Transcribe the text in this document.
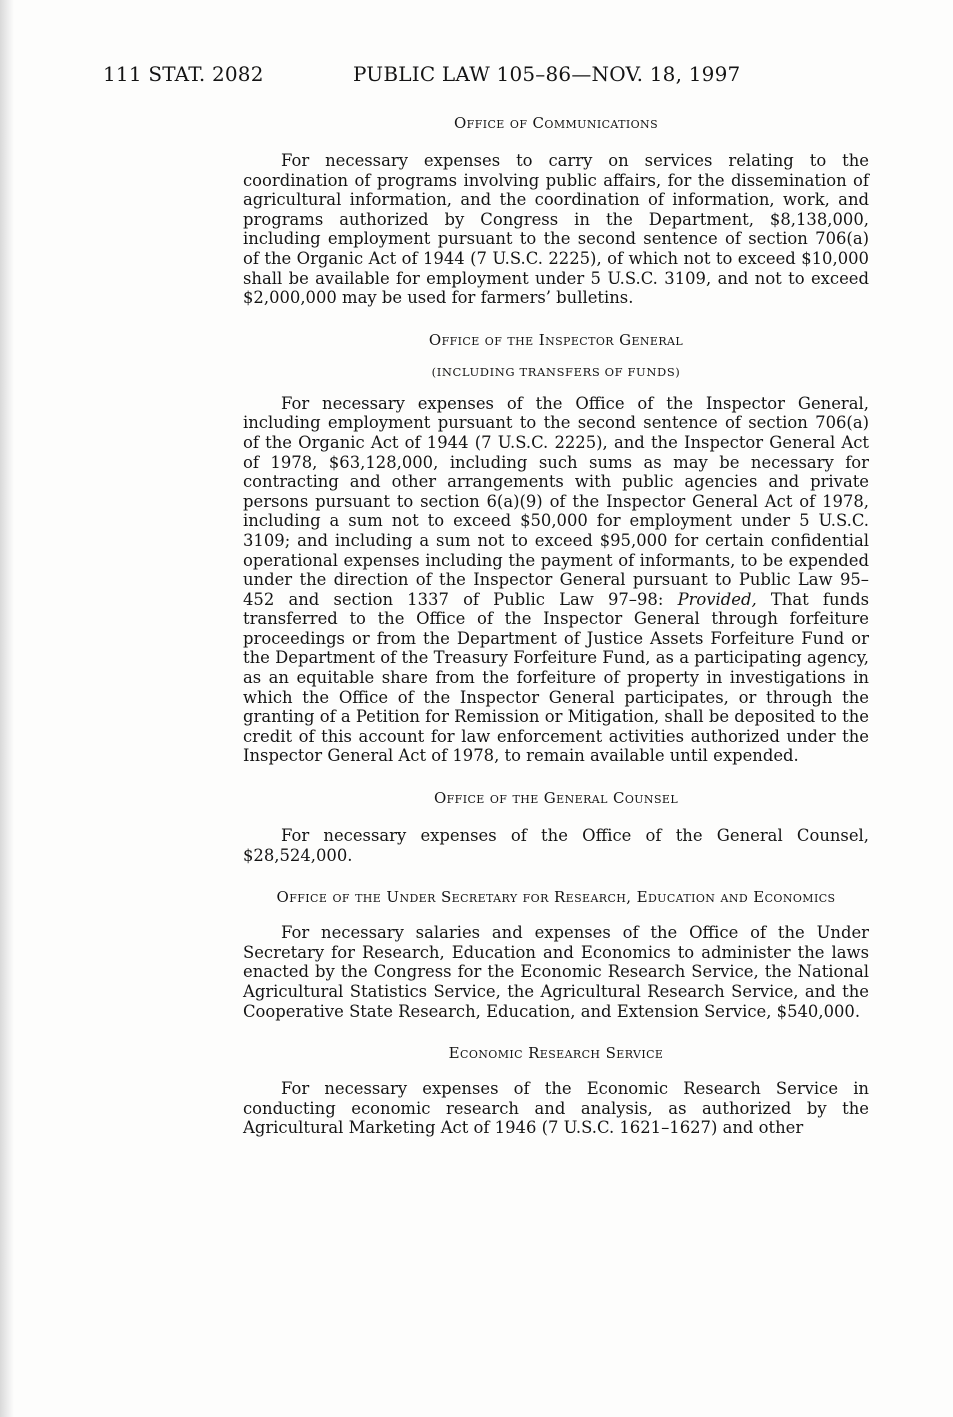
111 STAT. 2082	PUBLIC LAW 105–86—NOV. 18, 1997

Office of Communications

For necessary expenses to carry on services relating to the coordination of programs involving public affairs, for the dissemination of agricultural information, and the coordination of information, work, and programs authorized by Congress in the Department, $8,138,000, including employment pursuant to the second sentence of section 706(a) of the Organic Act of 1944 (7 U.S.C. 2225), of which not to exceed $10,000 shall be available for employment under 5 U.S.C. 3109, and not to exceed $2,000,000 may be used for farmers’ bulletins.

Office of the Inspector General

(INCLUDING TRANSFERS OF FUNDS)

For necessary expenses of the Office of the Inspector General, including employment pursuant to the second sentence of section 706(a) of the Organic Act of 1944 (7 U.S.C. 2225), and the Inspector General Act of 1978, $63,128,000, including such sums as may be necessary for contracting and other arrangements with public agencies and private persons pursuant to section 6(a)(9) of the Inspector General Act of 1978, including a sum not to exceed $50,000 for employment under 5 U.S.C. 3109; and including a sum not to exceed $95,000 for certain confidential operational expenses including the payment of informants, to be expended under the direction of the Inspector General pursuant to Public Law 95–452 and section 1337 of Public Law 97–98: Provided, That funds transferred to the Office of the Inspector General through forfeiture proceedings or from the Department of Justice Assets Forfeiture Fund or the Department of the Treasury Forfeiture Fund, as a participating agency, as an equitable share from the forfeiture of property in investigations in which the Office of the Inspector General participates, or through the granting of a Petition for Remission or Mitigation, shall be deposited to the credit of this account for law enforcement activities authorized under the Inspector General Act of 1978, to remain available until expended.

Office of the General Counsel

For necessary expenses of the Office of the General Counsel, $28,524,000.

Office of the Under Secretary for Research, Education and Economics

For necessary salaries and expenses of the Office of the Under Secretary for Research, Education and Economics to administer the laws enacted by the Congress for the Economic Research Service, the National Agricultural Statistics Service, the Agricultural Research Service, and the Cooperative State Research, Education, and Extension Service, $540,000.

Economic Research Service

For necessary expenses of the Economic Research Service in conducting economic research and analysis, as authorized by the Agricultural Marketing Act of 1946 (7 U.S.C. 1621–1627) and other
